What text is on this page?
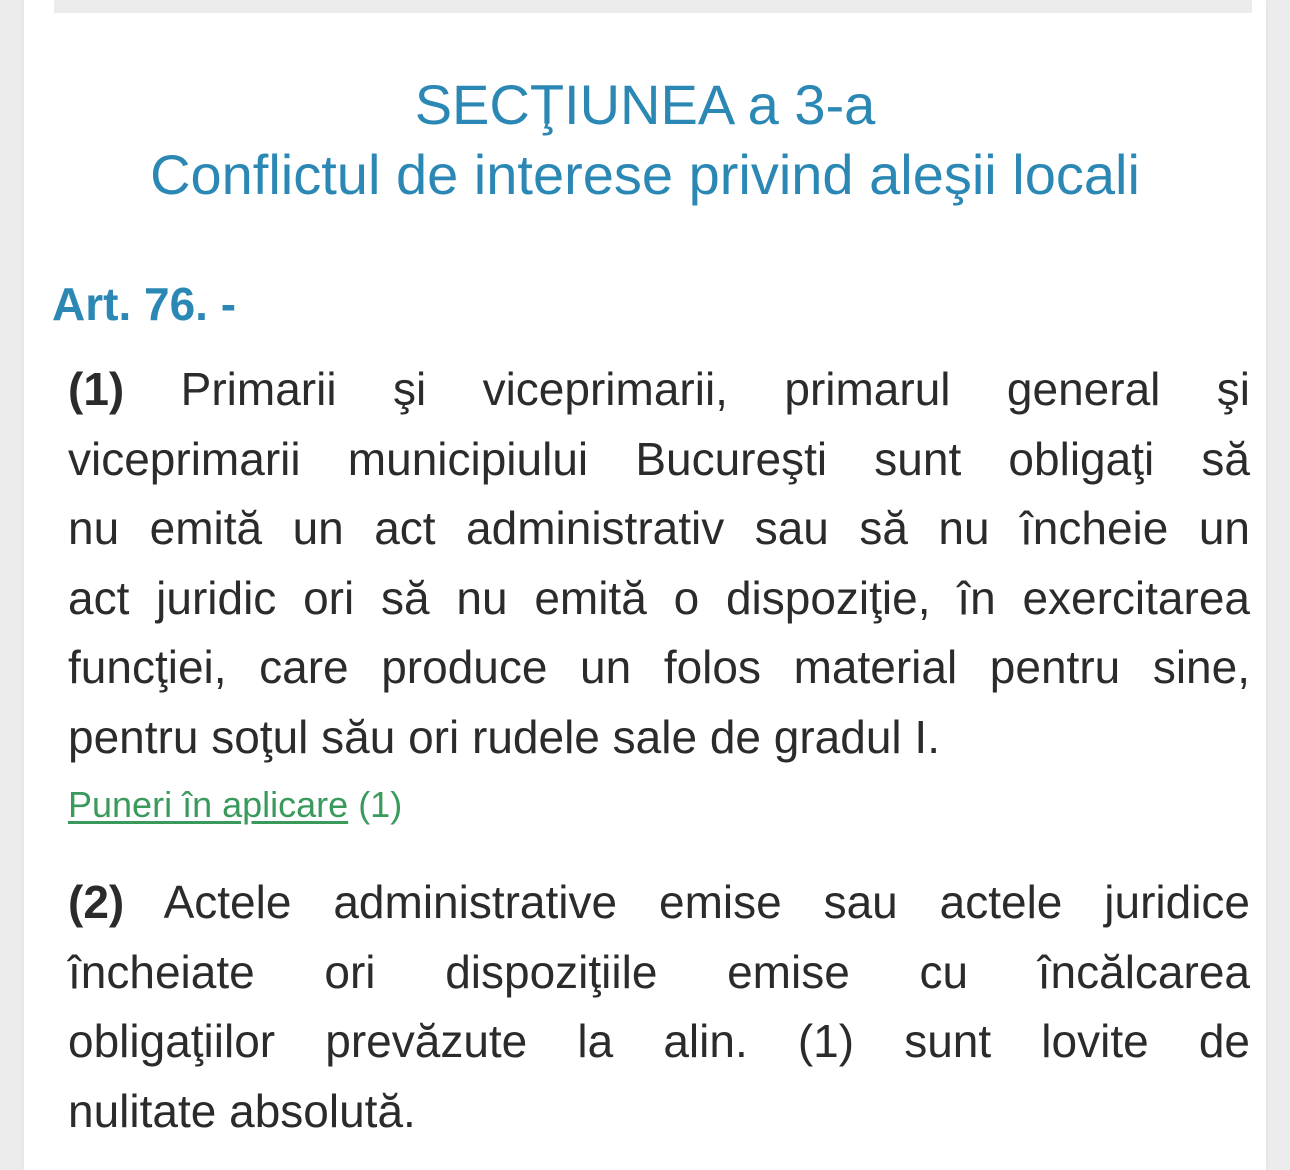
SECŢIUNEA a 3-a
Conflictul de interese privind aleşii locali
Art. 76. -
(1) Primarii şi viceprimarii, primarul general şi
viceprimarii municipiului Bucureşti sunt obligaţi să
nu emită un act administrativ sau să nu încheie un
act juridic ori să nu emită o dispoziţie, în exercitarea
funcţiei, care produce un folos material pentru sine,
pentru soţul său ori rudele sale de gradul I.
Puneri în aplicare (1)
(2) Actele administrative emise sau actele juridice
încheiate ori dispoziţiile emise cu încălcarea
obligaţiilor prevăzute la alin. (1) sunt lovite de
nulitate absolută.
